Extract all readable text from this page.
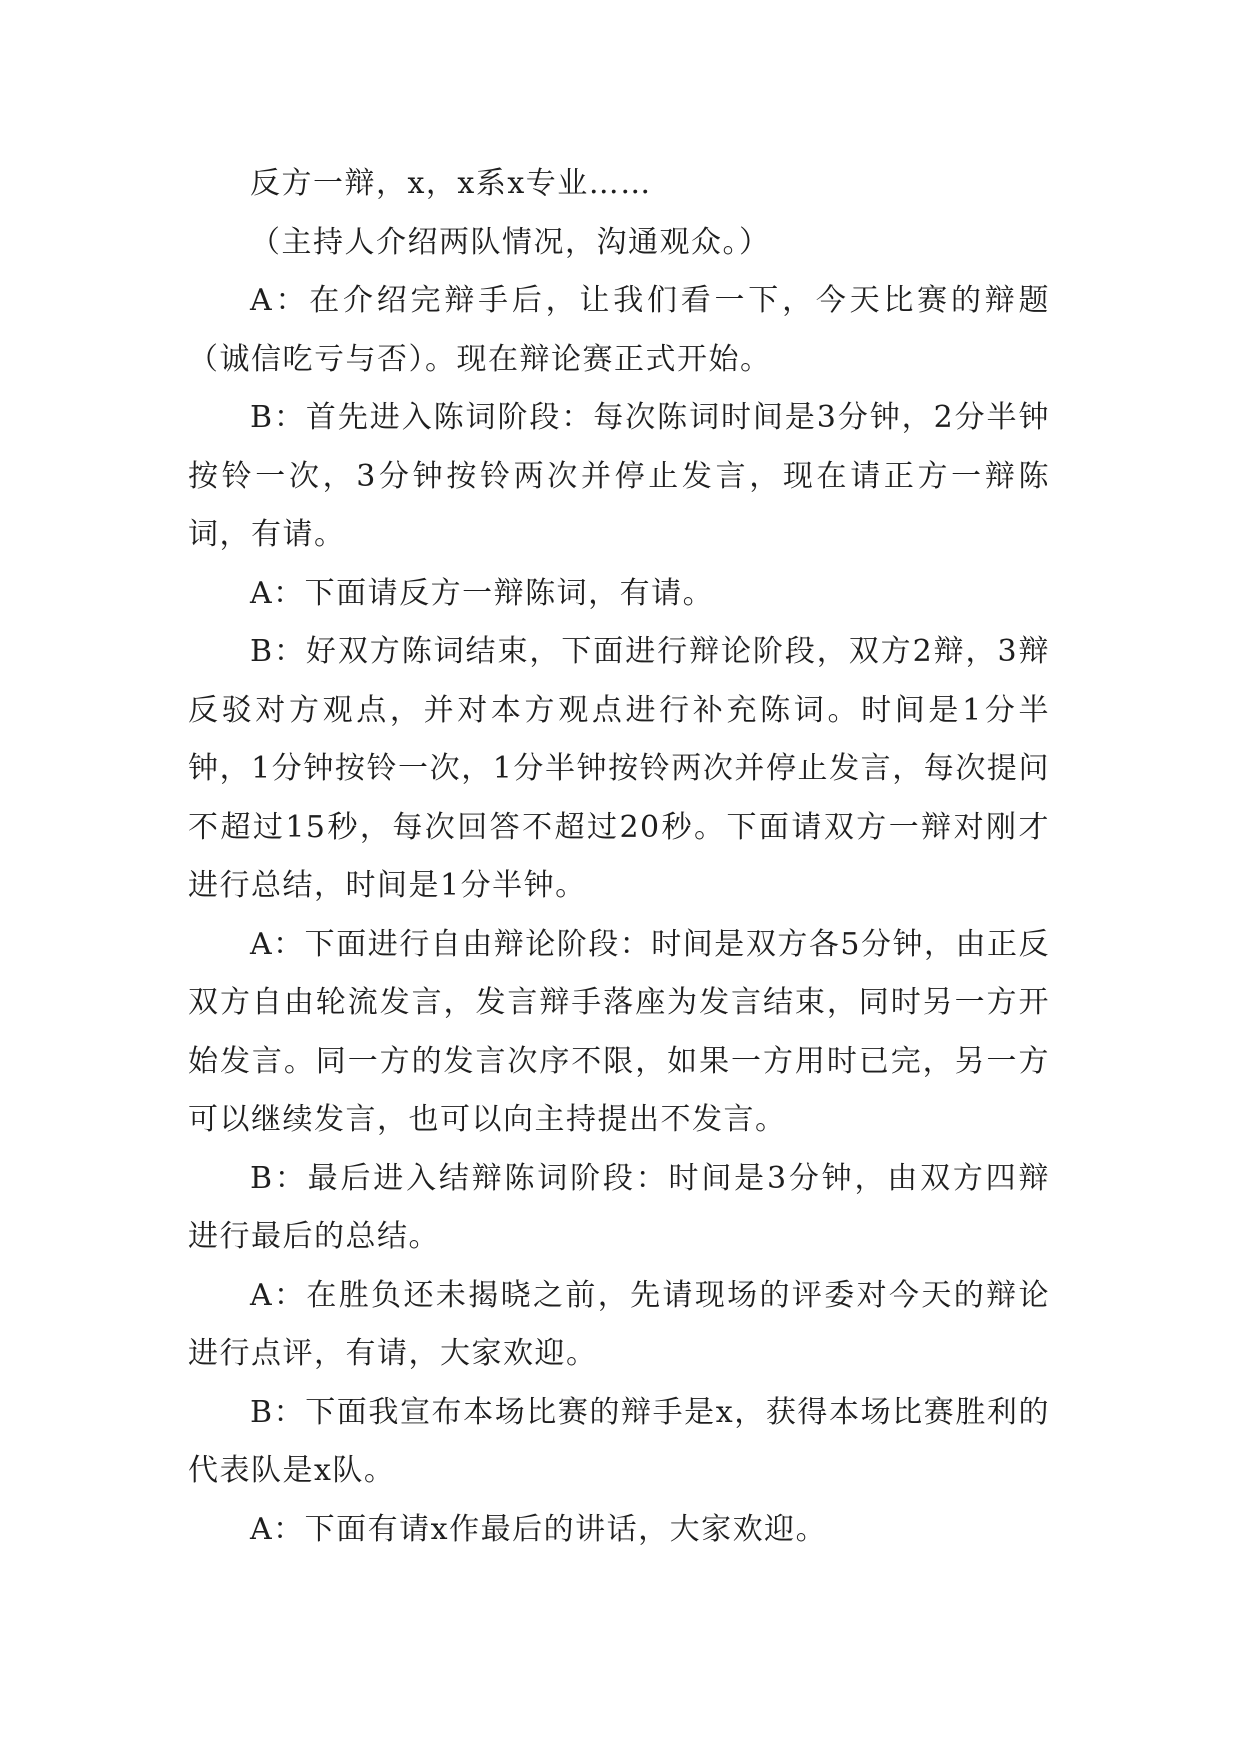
反方一辩，x，x系x专业……

（主持人介绍两队情况，沟通观众。）

A：在介绍完辩手后，让我们看一下，今天比赛的辩题（诚信吃亏与否）。现在辩论赛正式开始。

B：首先进入陈词阶段：每次陈词时间是3分钟，2分半钟按铃一次，3分钟按铃两次并停止发言，现在请正方一辩陈词，有请。

A：下面请反方一辩陈词，有请。

B：好双方陈词结束，下面进行辩论阶段，双方2辩，3辩反驳对方观点，并对本方观点进行补充陈词。时间是1分半钟，1分钟按铃一次，1分半钟按铃两次并停止发言，每次提问不超过15秒，每次回答不超过20秒。下面请双方一辩对刚才进行总结，时间是1分半钟。

A：下面进行自由辩论阶段：时间是双方各5分钟，由正反双方自由轮流发言，发言辩手落座为发言结束，同时另一方开始发言。同一方的发言次序不限，如果一方用时已完，另一方可以继续发言，也可以向主持提出不发言。

B：最后进入结辩陈词阶段：时间是3分钟，由双方四辩进行最后的总结。

A：在胜负还未揭晓之前，先请现场的评委对今天的辩论进行点评，有请，大家欢迎。

B：下面我宣布本场比赛的辩手是x，获得本场比赛胜利的代表队是x队。

A：下面有请x作最后的讲话，大家欢迎。
